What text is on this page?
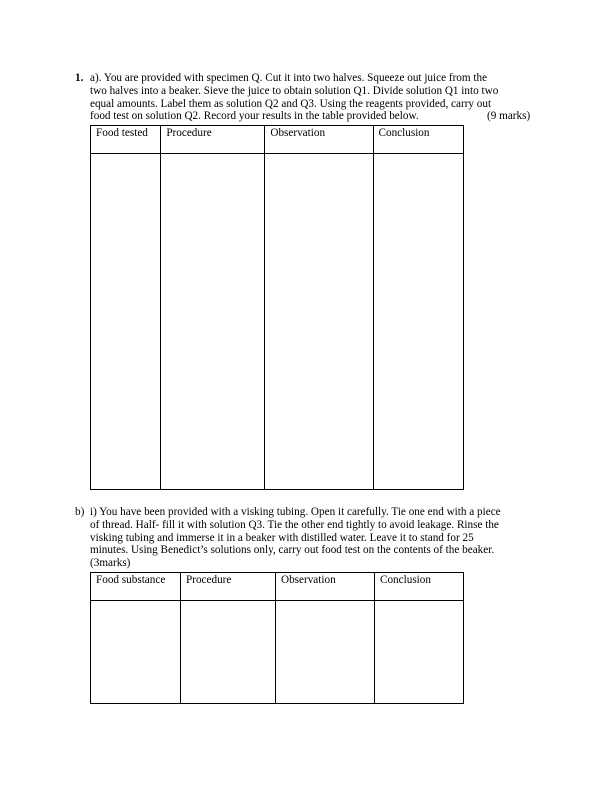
1. a). You are provided with specimen Q. Cut it into two halves. Squeeze out juice from the
two halves into a beaker. Sieve the juice to obtain solution Q1. Divide solution Q1 into two
equal amounts. Label them as solution Q2 and Q3. Using the reagents provided, carry out
food test on solution Q2. Record your results in the table provided below.	(9 marks)
Food tested	Procedure	Observation	Conclusion

b) i) You have been provided with a visking tubing. Open it carefully. Tie one end with a piece
of thread. Half- fill it with solution Q3. Tie the other end tightly to avoid leakage. Rinse the
visking tubing and immerse it in a beaker with distilled water. Leave it to stand for 25
minutes. Using Benedict’s solutions only, carry out food test on the contents of the beaker.
(3marks)
Food substance	Procedure	Observation	Conclusion
